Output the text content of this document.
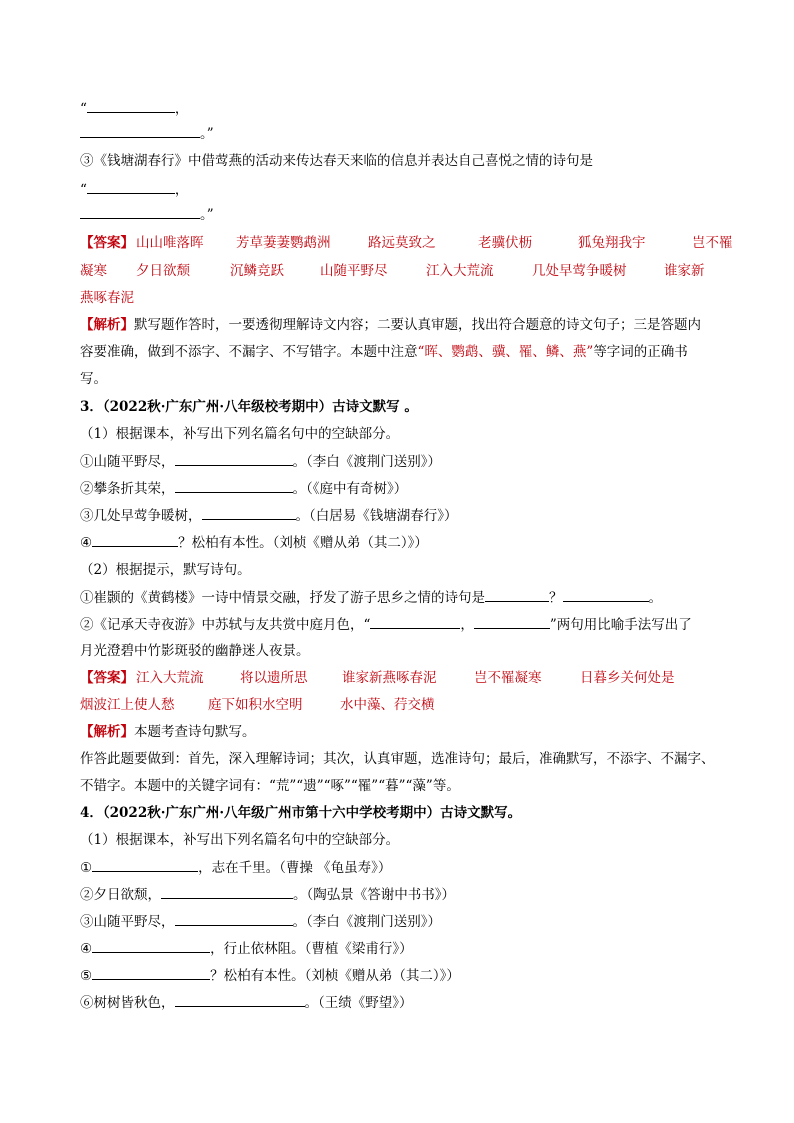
“	，
。”
③《钱塘湖春行》中借莺燕的活动来传达春天来临的信息并表达自己喜悦之情的诗句是
“	，
。”
【答案】 山山唯落晖 芳草萋萋鹦鹉洲	路远莫致之	老骥伏枥	狐兔翔我宇	岂不罹
凝寒 夕日欲颓	沉鳞竞跃	山随平野尽	江入大荒流	几处早莺争暖树	谁家新
燕啄春泥
【解析】默写题作答时，一要透彻理解诗文内容；二要认真审题，找出符合题意的诗文句子；三是答题内
容要准确，做到不添字、不漏字、不写错字。本题中注意“晖、鹦鹉、骥、罹、鳞、燕”等字词的正确书
写。
3．（2022秋·广东广州·八年级校考期中）古诗文默写 。
（1）根据课本，补写出下列名篇名句中的空缺部分。
①山随平野尽，	。（李白《渡荆门送别》）
②攀条折其荣，	。（《庭中有奇树》）
③几处早莺争暖树，	。（白居易《钱塘湖春行》）
④	？松柏有本性。（刘桢《赠从弟（其二）》）
（2）根据提示，默写诗句。
①崔颢的《黄鹤楼》一诗中情景交融，抒发了游子思乡之情的诗句是	？	。
②《记承天寺夜游》中苏轼与友共赏中庭月色，“	，	”两句用比喻手法写出了
月光澄碧中竹影斑驳的幽静迷人夜景。
【答案】 江入大荒流	将以遗所思	谁家新燕啄春泥	岂不罹凝寒	日暮乡关何处是
烟波江上使人愁 庭下如积水空明	水中藻、荇交横
【解析】本题考查诗句默写。
作答此题要做到：首先，深入理解诗词；其次，认真审题，选准诗句；最后，准确默写，不添字、不漏字、
不错字。本题中的关键字词有：“荒”“遗”“啄”“罹”“暮”“藻”等。
4．（2022秋·广东广州·八年级广州市第十六中学校考期中）古诗文默写。
（1）根据课本，补写出下列名篇名句中的空缺部分。
①	，志在千里。（曹操 《龟虽寿》）
②夕日欲颓，	。（陶弘景《答谢中书书》）
③山随平野尽，	。（李白《渡荆门送别》）
④	，行止依林阻。（曹植《梁甫行》）
⑤	？松柏有本性。（刘桢《赠从弟（其二）》）
⑥树树皆秋色，	。（王绩《野望》）
